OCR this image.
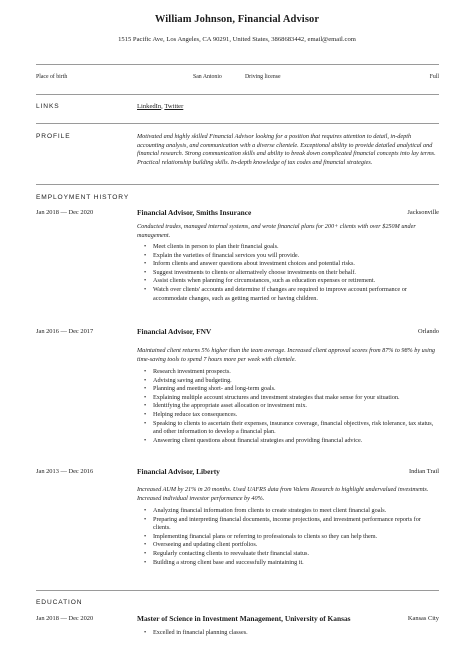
William Johnson, Financial Advisor
1515 Pacific Ave, Los Angeles, CA 90291, United States, 3868683442, email@email.com
Place of birth	San Antonio	Driving license	Full
LINKS	LinkedIn, Twitter
PROFILE	Motivated and highly skilled Financial Advisor looking for a position that requires attention to detail, in-depth accounting analysis, and communication with a diverse clientele. Exceptional ability to provide detailed analytical and financial research. Strong communication skills and ability to break down complicated financial concepts into lay terms. Practical relationship building skills. In-depth knowledge of tax codes and financial strategies.
EMPLOYMENT HISTORY
Jan 2018 — Dec 2020	Financial Advisor, Smiths Insurance	Jacksonville
Conducted trades, managed internal systems, and wrote financial plans for 200+ clients with over $250M under management.
• Meet clients in person to plan their financial goals.
• Explain the varieties of financial services you will provide.
• Inform clients and answer questions about investment choices and potential risks.
• Suggest investments to clients or alternatively choose investments on their behalf.
• Assist clients when planning for circumstances, such as education expenses or retirement.
• Watch over clients' accounts and determine if changes are required to improve account performance or accommodate changes, such as getting married or having children.
Jan 2016 — Dec 2017	Financial Advisor, FNV	Orlando
Maintained client returns 5% higher than the team average. Increased client approval scores from 87% to 98% by using time-saving tools to spend 7 hours more per week with clientele.
• Research investment prospects.
• Advising saving and budgeting.
• Planning and meeting short- and long-term goals.
• Explaining multiple account structures and investment strategies that make sense for your situation.
• Identifying the appropriate asset allocation or investment mix.
• Helping reduce tax consequences.
• Speaking to clients to ascertain their expenses, insurance coverage, financial objectives, risk tolerance, tax status, and other information to develop a financial plan.
• Answering client questions about financial strategies and providing financial advice.
Jan 2013 — Dec 2016	Financial Advisor, Liberty	Indian Trail
Increased AUM by 21% in 20 months. Used UAFRS data from Valens Research to highlight undervalued investments. Increased individual investor performance by 40%.
• Analyzing financial information from clients to create strategies to meet client financial goals.
• Preparing and interpreting financial documents, income projections, and investment performance reports for clients.
• Implementing financial plans or referring to professionals to clients so they can help them.
• Overseeing and updating client portfolios.
• Regularly contacting clients to reevaluate their financial status.
• Building a strong client base and successfully maintaining it.
EDUCATION
Jan 2018 — Dec 2020	Master of Science in Investment Management, University of Kansas	Kansas City
• Excelled in financial planning classes.
